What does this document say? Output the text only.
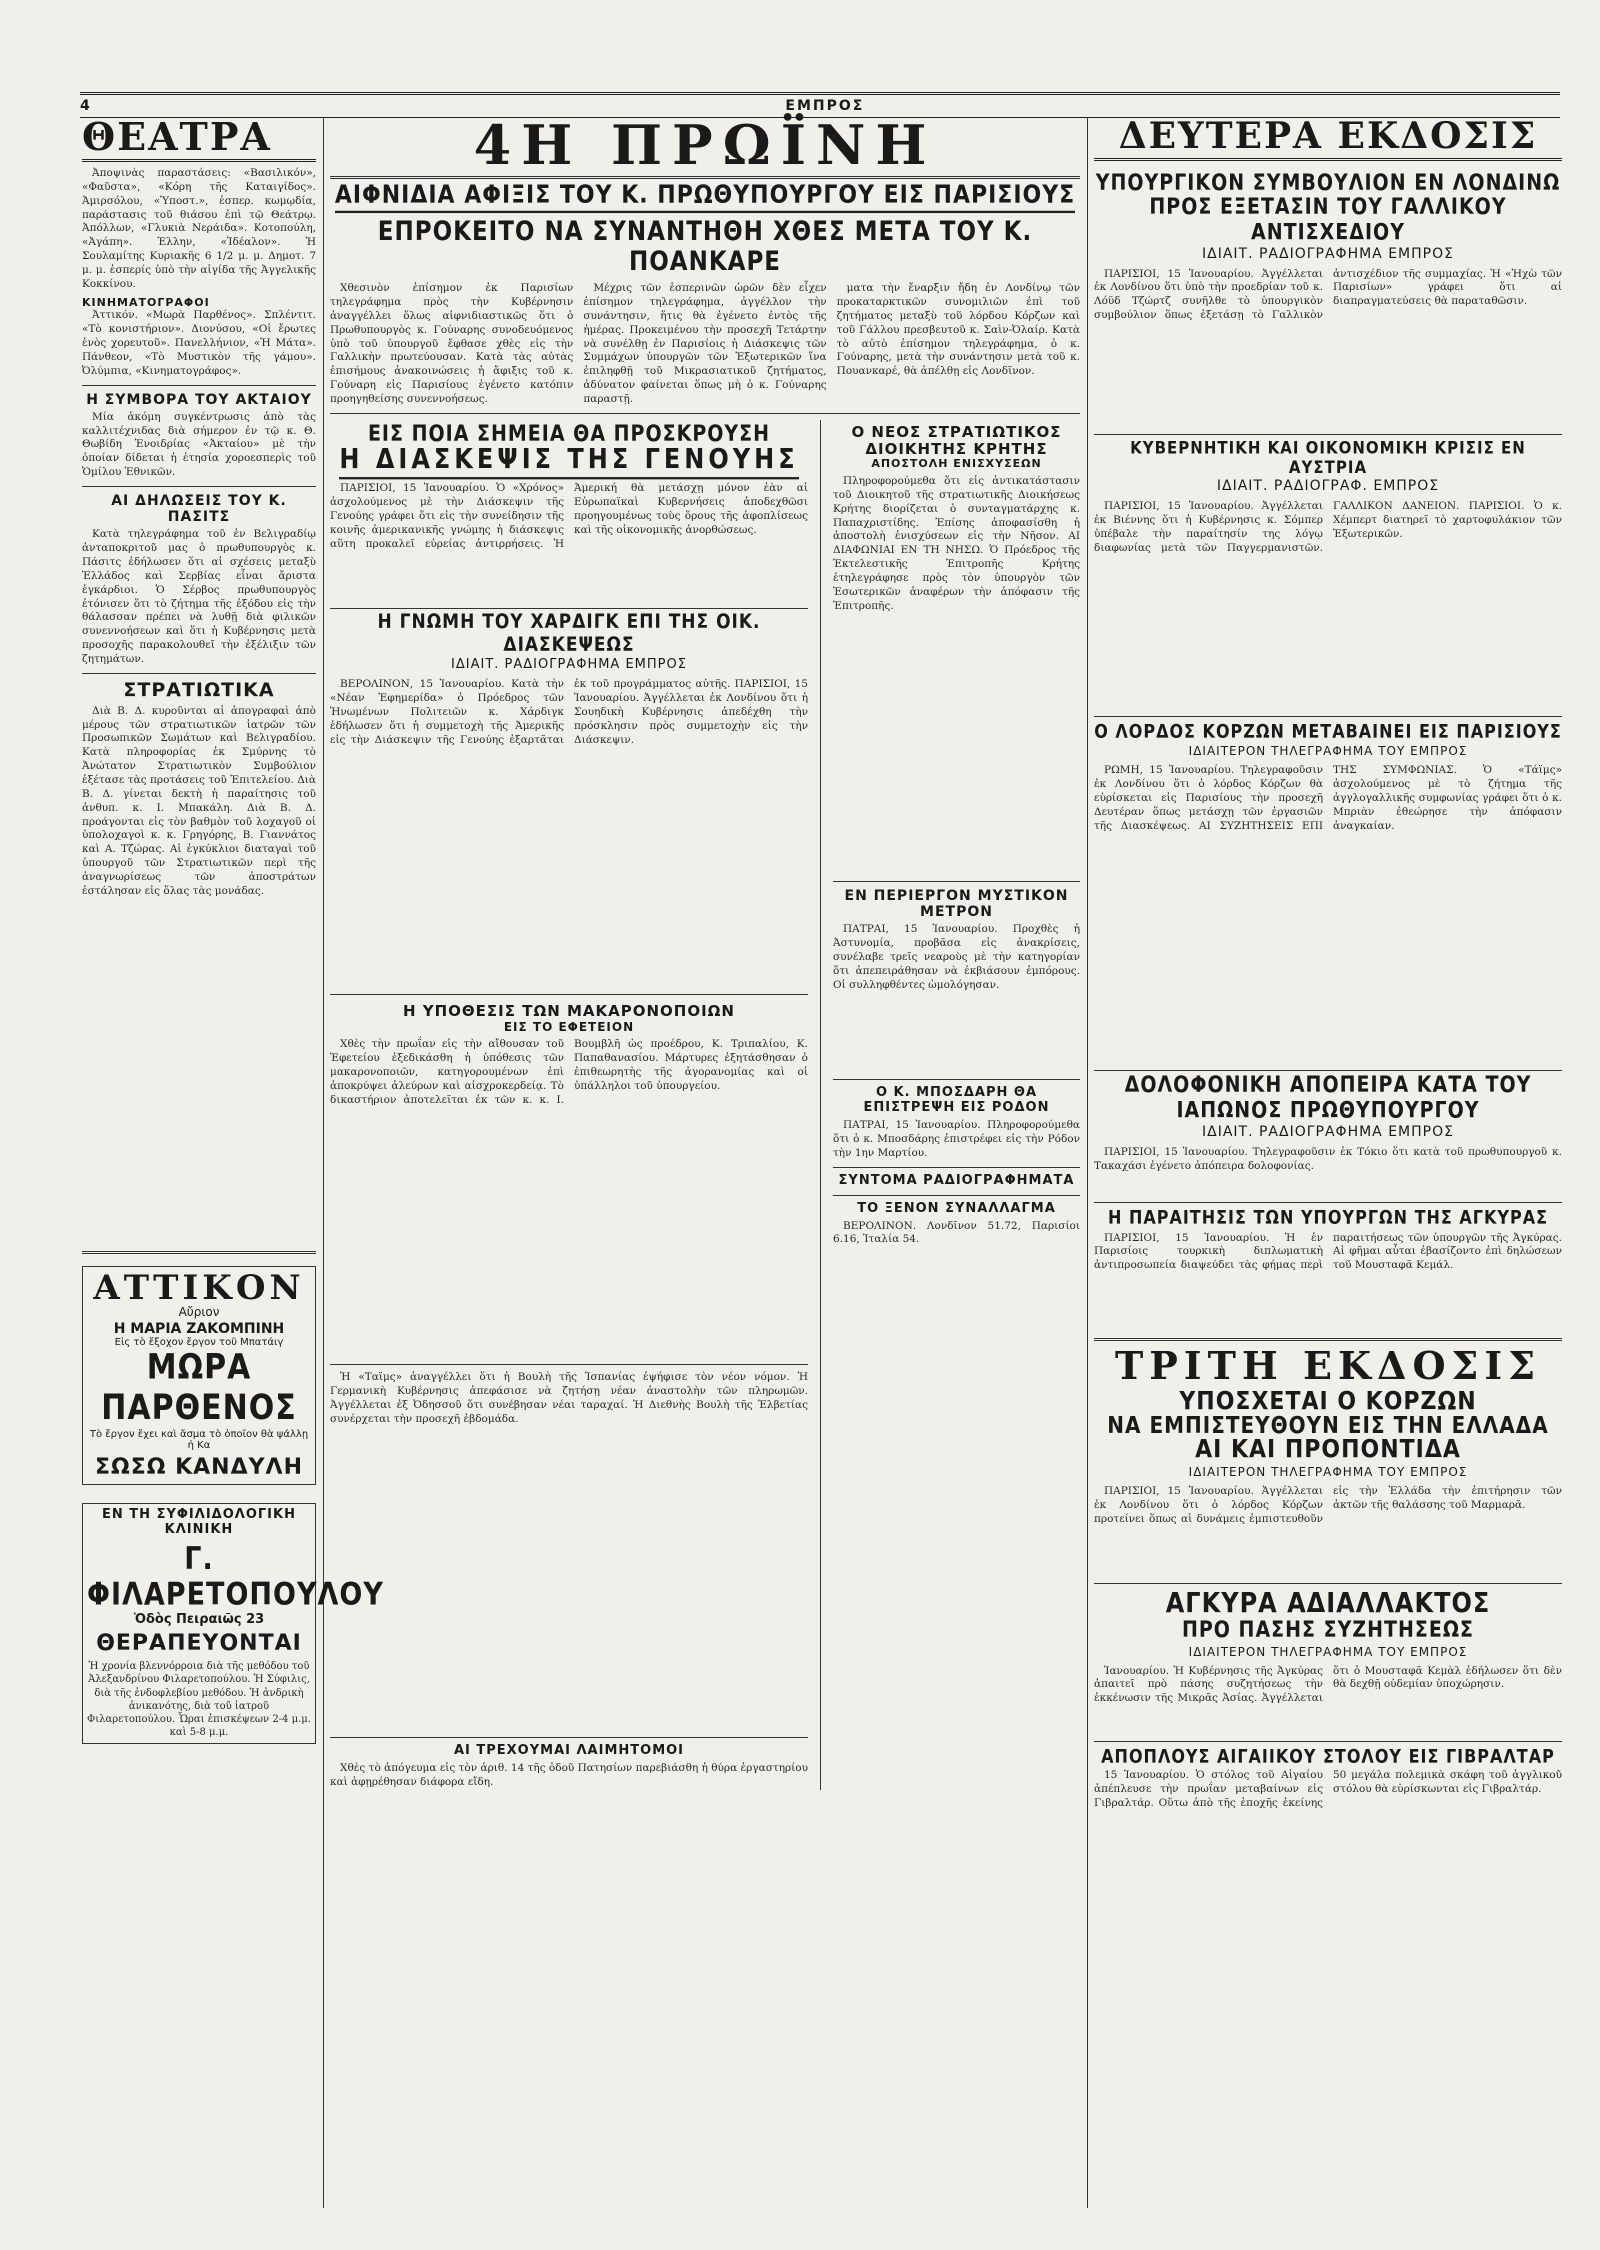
4	ΕΜΠΡΟΣ
ΘΕΑΤΡΑ

Ἀποψινὰς παραστάσεις: «Βασιλικόν», «Φαῦστα», «Κόρη τῆς Καταιγίδος». Ἀμιρσόλου, «Ὑποστ.», ἑσπερ. κωμῳδία, παράστασις τοῦ θιάσου ἐπὶ τῷ Θεάτρῳ. Ἀπόλλων, «Γλυκιὰ Νεράιδα». Κοτοπούλη, «Ἀγάπη». Ἑλλην, «Ἰδέαλον». Ἡ Σουλαμίτης Κυριακῆς 6 1/2 μ. μ. Δημοτ. 7 μ. μ. ἑσπερίς ὑπὸ τὴν αἰγίδα τῆς Ἀγγελικῆς Κοκκίνου.

ΚΙΝΗΜΑΤΟΓΡΑΦΟΙ

Ἀττικόν. «Μωρὰ Παρθένος». Σπλέντιτ. «Τὸ κονιστήριον». Διονύσου, «Οἱ ἔρωτες ἑνὸς χορευτοῦ». Πανελλήνιον, «Ἡ Μάτα». Πάνθεον, «Τὸ Μυστικὸν τῆς γάμου». Ὀλύμπια, «Κινηματογράφος».

Η ΣΥΜΒΟΡΑ ΤΟΥ ΑΚΤΑΙΟΥ

Μία ἀκόμη συγκέντρωσις ἀπὸ τὰς καλλιτέχνιδας διὰ σήμερον ἐν τῷ κ. Θ. Θωβίδη Ἑνοιδρίας «Ἀκταίου» μὲ τὴν ὁποίαν δίδεται ἡ ἐτησία χοροεσπερὶς τοῦ Ὁμίλου Ἐθνικῶν.

ΑΙ ΔΗΛΩΣΕΙΣ ΤΟΥ Κ. ΠΑΣΙΤΣ

Κατὰ τηλεγράφημα τοῦ ἐν Βελιγραδίῳ ἀνταποκριτοῦ μας ὁ πρωθυπουργὸς κ. Πάσιτς ἐδήλωσεν ὅτι αἱ σχέσεις μεταξὺ Ἑλλάδος καὶ Σερβίας εἶναι ἄριστα ἐγκάρδιοι. Ὁ Σέρβος πρωθυπουργὸς ἐτόνισεν ὅτι τὸ ζήτημα τῆς ἐξόδου εἰς τὴν θάλασσαν πρέπει νὰ λυθῇ διὰ φιλικῶν συνεννοήσεων καὶ ὅτι ἡ Κυβέρνησις μετὰ προσοχῆς παρακολουθεῖ τὴν ἐξέλιξιν τῶν ζητημάτων.

ΣΤΡΑΤΙΩΤΙΚΑ

Διὰ Β. Δ. κυροῦνται αἱ ἀπογραφαὶ ἀπὸ μέρους τῶν στρατιωτικῶν ἰατρῶν τῶν Προσωπικῶν Σωμάτων καὶ Βελιγραδίου. Κατὰ πληροφορίας ἐκ Σμύρνης τὸ Ἀνώτατον Στρατιωτικὸν Συμβούλιον ἐξέτασε τὰς προτάσεις τοῦ Ἐπιτελείου. Διὰ Β. Δ. γίνεται δεκτὴ ἡ παραίτησις τοῦ ἀνθυπ. κ. Ι. Μπακάλη. Διὰ Β. Δ. προάγονται εἰς τὸν βαθμὸν τοῦ λοχαγοῦ οἱ ὑπολοχαγοὶ κ. κ. Γρηγόρης, Β. Γιαννάτος καὶ Α. Τζώρας. Αἱ ἐγκύκλιοι διαταγαὶ τοῦ ὑπουργοῦ τῶν Στρατιωτικῶν περὶ τῆς ἀναγνωρίσεως τῶν ἀποστράτων ἐστάλησαν εἰς ὅλας τὰς μονάδας.

ΑΤΤΙΚΟΝ
Αὔριον
Η ΜΑΡΙΑ ΖΑΚΟΜΠΙΝΗ
Εἰς τὸ ἔξοχον ἔργον τοῦ Μπατάιγ
ΜΩΡΑ ΠΑΡΘΕΝΟΣ
Τὸ ἔργον ἔχει καὶ ἄσμα τὸ ὁποῖον θὰ ψάλλῃ ἡ Κα
ΣΩΣΩ ΚΑΝΔΥΛΗ
ΕΝ ΤΗ ΣΥΦΙΛΙΔΟΛΟΓΙΚΗ ΚΛΙΝΙΚΗ
Γ. ΦΙΛΑΡΕΤΟΠΟΥΛΟΥ
Ὁδὸς Πειραιῶς 23
ΘΕΡΑΠΕΥΟΝΤΑΙ

Ἡ χρονία βλεννόρροια διὰ τῆς μεθόδου τοῦ Ἀλεξανδρίνου Φιλαρετοπούλου. Ἡ Σύφιλις, διὰ τῆς ἐνδοφλεβίου μεθόδου. Ἡ ἀνδρικὴ ἀνικανότης, διὰ τοῦ ἰατροῦ Φιλαρετοπούλου. Ὧραι ἐπισκέψεων 2-4 μ.μ. καὶ 5-8 μ.μ.

4Η ΠΡΩΪΝΗ
ΑΙΦΝΙΔΙΑ ΑΦΙΞΙΣ ΤΟΥ Κ. ΠΡΩΘΥΠΟΥΡΓΟΥ ΕΙΣ ΠΑΡΙΣΙΟΥΣ
ΕΠΡΟΚΕΙΤΟ ΝΑ ΣΥΝΑΝΤΗΘΗ ΧΘΕΣ ΜΕΤΑ ΤΟΥ Κ. ΠΟΑΝΚΑΡΕ

Χθεσινὸν ἐπίσημον ἐκ Παρισίων τηλεγράφημα πρὸς τὴν Κυβέρνησιν ἀναγγέλλει ὅλως αἰφνιδιαστικῶς ὅτι ὁ Πρωθυπουργὸς κ. Γούναρης συνοδευόμενος ὑπὸ τοῦ ὑπουργοῦ ἔφθασε χθὲς εἰς τὴν Γαλλικὴν πρωτεύουσαν. Κατὰ τὰς αὐτὰς ἐπισήμους ἀνακοινώσεις ἡ ἄφιξις τοῦ κ. Γούναρη εἰς Παρισίους ἐγένετο κατόπιν προηγηθείσης συνεννοήσεως.

Μέχρις τῶν ἑσπερινῶν ὡρῶν δὲν εἶχεν ἐπίσημον τηλεγράφημα, ἀγγέλλον τὴν συνάντησιν, ἥτις θὰ ἐγένετο ἐντὸς τῆς ἡμέρας. Προκειμένου τὴν προσεχῆ Τετάρτην νὰ συνέλθῃ ἐν Παρισίοις ἡ Διάσκεψις τῶν Συμμάχων ὑπουργῶν τῶν Ἐξωτερικῶν ἵνα ἐπιληφθῇ τοῦ Μικρασιατικοῦ ζητήματος, ἀδύνατον φαίνεται ὅπως μὴ ὁ κ. Γούναρης παραστῇ.

ματα τὴν ἔναρξιν ἤδη ἐν Λονδίνῳ τῶν προκαταρκτικῶν συνομιλιῶν ἐπὶ τοῦ ζητήματος μεταξὺ τοῦ λόρδου Κόρζων καὶ τοῦ Γάλλου πρεσβευτοῦ κ. Σαὶν-Ὀλαίρ. Κατὰ τὸ αὐτὸ ἐπίσημον τηλεγράφημα, ὁ κ. Γούναρης, μετὰ τὴν συνάντησιν μετὰ τοῦ κ. Πουανκαρέ, θὰ ἀπέλθῃ εἰς Λονδῖνον.

ΕΙΣ ΠΟΙΑ ΣΗΜΕΙΑ ΘΑ ΠΡΟΣΚΡΟΥΣΗ
Η ΔΙΑΣΚΕΨΙΣ ΤΗΣ ΓΕΝΟΥΗΣ

ΠΑΡΙΣΙΟΙ, 15 Ἰανουαρίου. Ὁ «Χρόνος» ἀσχολούμενος μὲ τὴν Διάσκεψιν τῆς Γενούης γράφει ὅτι εἰς τὴν συνείδησιν τῆς κοινῆς ἀμερικανικῆς γνώμης ἡ διάσκεψις αὕτη προκαλεῖ εὐρείας ἀντιρρήσεις. Ἡ Ἀμερική θὰ μετάσχῃ μόνον ἐὰν αἱ Εὐρωπαϊκαὶ Κυβερνήσεις ἀποδεχθῶσι προηγουμένως τοὺς ὅρους τῆς ἀφοπλίσεως καὶ τῆς οἰκονομικῆς ἀνορθώσεως.

Η ΓΝΩΜΗ ΤΟΥ ΧΑΡΔΙΓΚ ΕΠΙ ΤΗΣ ΟΙΚ. ΔΙΑΣΚΕΨΕΩΣ
ΙΔΙΑΙΤ. ΡΑΔΙΟΓΡΑΦΗΜΑ ΕΜΠΡΟΣ

ΒΕΡΟΛΙΝΟΝ, 15 Ἰανουαρίου. Κατὰ τὴν «Νέαν Ἐφημερίδα» ὁ Πρόεδρος τῶν Ἡνωμένων Πολιτειῶν κ. Χάρδιγκ ἐδήλωσεν ὅτι ἡ συμμετοχὴ τῆς Ἀμερικῆς εἰς τὴν Διάσκεψιν τῆς Γενούης ἐξαρτᾶται ἐκ τοῦ προγράμματος αὐτῆς. ΠΑΡΙΣΙΟΙ, 15 Ἰανουαρίου. Ἀγγέλλεται ἐκ Λονδίνου ὅτι ἡ Σουηδικὴ Κυβέρνησις ἀπεδέχθη τὴν πρόσκλησιν πρὸς συμμετοχὴν εἰς τὴν Διάσκεψιν.

Η ΥΠΟΘΕΣΙΣ ΤΩΝ ΜΑΚΑΡΟΝΟΠΟΙΩΝ
ΕΙΣ ΤΟ ΕΦΕΤΕΙΟΝ

Χθὲς τὴν πρωΐαν εἰς τὴν αἴθουσαν τοῦ Ἐφετείου ἐξεδικάσθη ἡ ὑπόθεσις τῶν μακαρονοποιῶν, κατηγορουμένων ἐπὶ ἀποκρύψει ἀλεύρων καὶ αἰσχροκερδείᾳ. Τὸ δικαστήριον ἀποτελεῖται ἐκ τῶν κ. κ. Ι. Βουμβλῆ ὡς προέδρου, Κ. Τριπαλίου, Κ. Παπαθανασίου. Μάρτυρες ἐξητάσθησαν ὁ ἐπιθεωρητὴς τῆς ἀγορανομίας καὶ οἱ ὑπάλληλοι τοῦ ὑπουργείου.

Ἡ «Ταϊμς» ἀναγγέλλει ὅτι ἡ Βουλὴ τῆς Ἰσπανίας ἐψήφισε τὸν νέον νόμον. Ἡ Γερμανικὴ Κυβέρνησις ἀπεφάσισε νὰ ζητήσῃ νέαν ἀναστολὴν τῶν πληρωμῶν. Ἀγγέλλεται ἐξ Ὀδησσοῦ ὅτι συνέβησαν νέαι ταραχαί. Ἡ Διεθνὴς Βουλὴ τῆς Ἑλβετίας συνέρχεται τὴν προσεχῆ ἑβδομάδα.

ΑΙ ΤΡΕΧΟΥΜΑΙ ΛΑΙΜΗΤΟΜΟΙ

Χθὲς τὸ ἀπόγευμα εἰς τὸν ἀριθ. 14 τῆς ὁδοῦ Πατησίων παρεβιάσθη ἡ θύρα ἐργαστηρίου καὶ ἀφῃρέθησαν διάφορα εἴδη.

Ο ΝΕΟΣ ΣΤΡΑΤΙΩΤΙΚΟΣ ΔΙΟΙΚΗΤΗΣ ΚΡΗΤΗΣ
ΑΠΟΣΤΟΛΗ ΕΝΙΣΧΥΣΕΩΝ

Πληροφορούμεθα ὅτι εἰς ἀντικατάστασιν τοῦ Διοικητοῦ τῆς στρατιωτικῆς Διοικήσεως Κρήτης διορίζεται ὁ συνταγματάρχης κ. Παπαχριστίδης. Ἐπίσης ἀποφασίσθη ἡ ἀποστολὴ ἐνισχύσεων εἰς τὴν Νῆσον. ΑΙ ΔΙΑΦΩΝΙΑΙ ΕΝ ΤΗ ΝΗΣΩ. Ὁ Πρόεδρος τῆς Ἐκτελεστικῆς Ἐπιτροπῆς Κρήτης ἐτηλεγράφησε πρὸς τὸν ὑπουργὸν τῶν Ἐσωτερικῶν ἀναφέρων τὴν ἀπόφασιν τῆς Ἐπιτροπῆς.

ΕΝ ΠΕΡΙΕΡΓΟΝ ΜΥΣΤΙΚΟΝ ΜΕΤΡΟΝ

ΠΑΤΡΑΙ, 15 Ἰανουαρίου. Προχθὲς ἡ Ἀστυνομία, προβᾶσα εἰς ἀνακρίσεις, συνέλαβε τρεῖς νεαροὺς μὲ τὴν κατηγορίαν ὅτι ἀπεπειράθησαν νὰ ἐκβιάσουν ἐμπόρους. Οἱ συλληφθέντες ὡμολόγησαν.

Ο Κ. ΜΠΟΣΔΑΡΗ ΘΑ ΕΠΙΣΤΡΕΨΗ ΕΙΣ ΡΟΔΟΝ

ΠΑΤΡΑΙ, 15 Ἰανουαρίου. Πληροφορούμεθα ὅτι ὁ κ. Μποσδάρης ἐπιστρέφει εἰς τὴν Ρόδον τὴν 1ην Μαρτίου.

ΣΥΝΤΟΜΑ ΡΑΔΙΟΓΡΑΦΗΜΑΤΑ
ΤΟ ΞΕΝΟΝ ΣΥΝΑΛΛΑΓΜΑ

ΒΕΡΟΛΙΝΟΝ. Λονδῖνον 51.72, Παρισίοι 6.16, Ἰταλία 54.

ΔΕΥΤΕΡΑ ΕΚΔΟΣΙΣ
ΥΠΟΥΡΓΙΚΟΝ ΣΥΜΒΟΥΛΙΟΝ ΕΝ ΛΟΝΔΙΝΩ
ΠΡΟΣ ΕΞΕΤΑΣΙΝ ΤΟΥ ΓΑΛΛΙΚΟΥ ΑΝΤΙΣΧΕΔΙΟΥ
ΙΔΙΑΙΤ. ΡΑΔΙΟΓΡΑΦΗΜΑ ΕΜΠΡΟΣ

ΠΑΡΙΣΙΟΙ, 15 Ἰανουαρίου. Ἀγγέλλεται ἐκ Λονδίνου ὅτι ὑπὸ τὴν προεδρίαν τοῦ κ. Λόϋδ Τζώρτζ συνῆλθε τὸ ὑπουργικὸν συμβούλιον ὅπως ἐξετάσῃ τὸ Γαλλικὸν ἀντισχέδιον τῆς συμμαχίας. Ἡ «Ἠχὼ τῶν Παρισίων» γράφει ὅτι αἱ διαπραγματεύσεις θὰ παραταθῶσιν.

ΚΥΒΕΡΝΗΤΙΚΗ ΚΑΙ ΟΙΚΟΝΟΜΙΚΗ ΚΡΙΣΙΣ ΕΝ ΑΥΣΤΡΙΑ
ΙΔΙΑΙΤ. ΡΑΔΙΟΓΡΑΦ. ΕΜΠΡΟΣ

ΠΑΡΙΣΙΟΙ, 15 Ἰανουαρίου. Ἀγγέλλεται ἐκ Βιέννης ὅτι ἡ Κυβέρνησις κ. Σόμπερ ὑπέβαλε τὴν παραίτησίν της λόγῳ διαφωνίας μετὰ τῶν Παγγερμανιστῶν. ΓΑΛΛΙΚΟΝ ΔΑΝΕΙΟΝ. ΠΑΡΙΣΙΟΙ. Ὁ κ. Χέμπερτ διατηρεῖ τὸ χαρτοφυλάκιον τῶν Ἐξωτερικῶν.

Ο ΛΟΡΔΟΣ ΚΟΡΖΩΝ ΜΕΤΑΒΑΙΝΕΙ ΕΙΣ ΠΑΡΙΣΙΟΥΣ
ΙΔΙΑΙΤΕΡΟΝ ΤΗΛΕΓΡΑΦΗΜΑ ΤΟΥ ΕΜΠΡΟΣ

ΡΩΜΗ, 15 Ἰανουαρίου. Τηλεγραφοῦσιν ἐκ Λονδίνου ὅτι ὁ λόρδος Κόρζων θὰ εὑρίσκεται εἰς Παρισίους τὴν προσεχῆ Δευτέραν ὅπως μετάσχῃ τῶν ἐργασιῶν τῆς Διασκέψεως. ΑΙ ΣΥΖΗΤΗΣΕΙΣ ΕΠΙ ΤΗΣ ΣΥΜΦΩΝΙΑΣ. Ὁ «Τάϊμς» ἀσχολούμενος μὲ τὸ ζήτημα τῆς ἀγγλογαλλικῆς συμφωνίας γράφει ὅτι ὁ κ. Μπριὰν ἐθεώρησε τὴν ἀπόφασιν ἀναγκαίαν.

ΔΟΛΟΦΟΝΙΚΗ ΑΠΟΠΕΙΡΑ ΚΑΤΑ ΤΟΥ ΙΑΠΩΝΟΣ ΠΡΩΘΥΠΟΥΡΓΟΥ
ΙΔΙΑΙΤ. ΡΑΔΙΟΓΡΑΦΗΜΑ ΕΜΠΡΟΣ

ΠΑΡΙΣΙΟΙ, 15 Ἰανουαρίου. Τηλεγραφοῦσιν ἐκ Τόκιο ὅτι κατὰ τοῦ πρωθυπουργοῦ κ. Τακαχάσι ἐγένετο ἀπόπειρα δολοφονίας.

Η ΠΑΡΑΙΤΗΣΙΣ ΤΩΝ ΥΠΟΥΡΓΩΝ ΤΗΣ ΑΓΚΥΡΑΣ

ΠΑΡΙΣΙΟΙ, 15 Ἰανουαρίου. Ἡ ἐν Παρισίοις τουρκικὴ διπλωματικὴ ἀντιπροσωπεία διαψεύδει τὰς φήμας περὶ παραιτήσεως τῶν ὑπουργῶν τῆς Ἀγκύρας. Αἱ φῆμαι αὗται ἐβασίζοντο ἐπὶ δηλώσεων τοῦ Μουσταφᾶ Κεμάλ.

ΤΡΙΤΗ ΕΚΔΟΣΙΣ
ΥΠΟΣΧΕΤΑΙ Ο ΚΟΡΖΩΝ
ΝΑ ΕΜΠΙΣΤΕΥΘΟΥΝ ΕΙΣ ΤΗΝ ΕΛΛΑΔΑ
ΑΙ ΚΑΙ ΠΡΟΠΟΝΤΙΔΑ
ΙΔΙΑΙΤΕΡΟΝ ΤΗΛΕΓΡΑΦΗΜΑ ΤΟΥ ΕΜΠΡΟΣ

ΠΑΡΙΣΙΟΙ, 15 Ἰανουαρίου. Ἀγγέλλεται ἐκ Λονδίνου ὅτι ὁ λόρδος Κόρζων προτείνει ὅπως αἱ δυνάμεις ἐμπιστευθοῦν εἰς τὴν Ἑλλάδα τὴν ἐπιτήρησιν τῶν ἀκτῶν τῆς θαλάσσης τοῦ Μαρμαρᾶ.

ΑΓΚΥΡΑ ΑΔΙΑΛΛΑΚΤΟΣ
ΠΡΟ ΠΑΣΗΣ ΣΥΖΗΤΗΣΕΩΣ
ΙΔΙΑΙΤΕΡΟΝ ΤΗΛΕΓΡΑΦΗΜΑ ΤΟΥ ΕΜΠΡΟΣ

Ἰανουαρίου. Ἡ Κυβέρνησις τῆς Ἀγκύρας ἀπαιτεῖ πρὸ πάσης συζητήσεως τὴν ἐκκένωσιν τῆς Μικρᾶς Ἀσίας. Ἀγγέλλεται ὅτι ὁ Μουσταφᾶ Κεμὰλ ἐδήλωσεν ὅτι δὲν θὰ δεχθῇ οὐδεμίαν ὑποχώρησιν.

ΑΠΟΠΛΟΥΣ ΑΙΓΑΙΙΚΟΥ ΣΤΟΛΟΥ ΕΙΣ ΓΙΒΡΑΛΤΑΡ

15 Ἰανουαρίου. Ὁ στόλος τοῦ Αἰγαίου ἀπέπλευσε τὴν πρωΐαν μεταβαίνων εἰς Γιβραλτάρ. Οὕτω ἀπὸ τῆς ἐποχῆς ἐκείνης 50 μεγάλα πολεμικὰ σκάφη τοῦ ἀγγλικοῦ στόλου θὰ εὑρίσκωνται εἰς Γιβραλτάρ.
